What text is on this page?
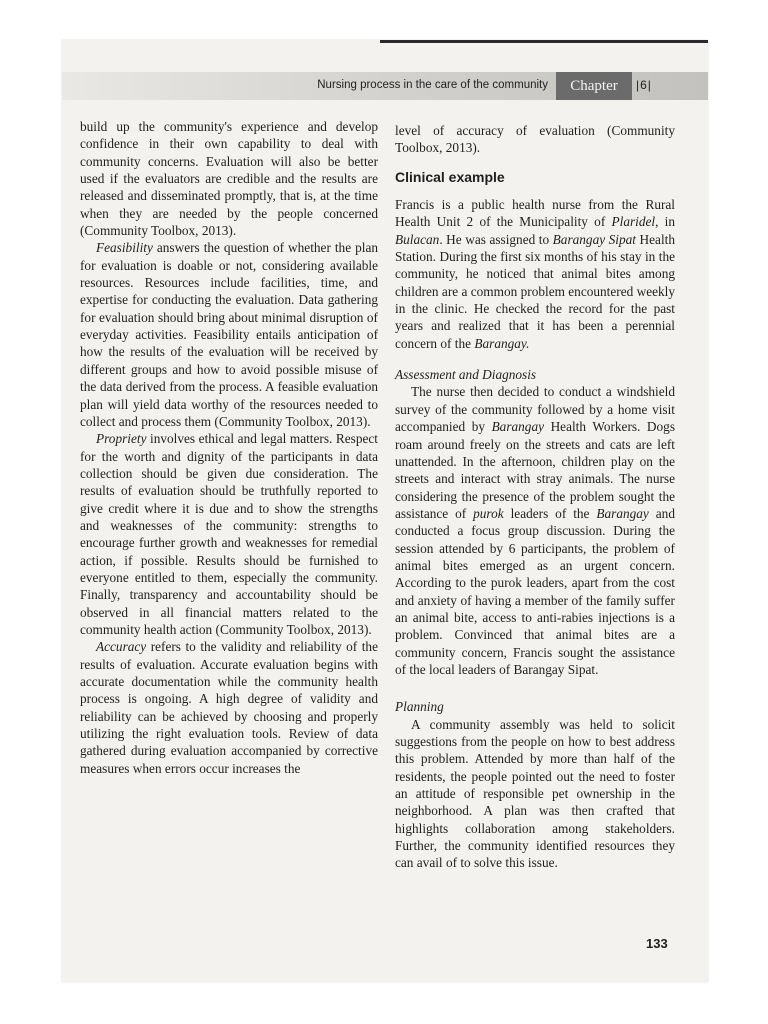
Nursing process in the care of the community	Chapter	|6|

build up the community's experience and develop confidence in their own capability to deal with community concerns. Evaluation will also be better used if the evaluators are credible and the results are released and disseminated promptly, that is, at the time when they are needed by the people concerned (Community Toolbox, 2013).

Feasibility answers the question of whether the plan for evaluation is doable or not, considering available resources. Resources include facilities, time, and expertise for conducting the evaluation. Data gathering for evaluation should bring about minimal disruption of everyday activities. Feasibility entails anticipation of how the results of the evaluation will be received by different groups and how to avoid possible misuse of the data derived from the process. A feasible evaluation plan will yield data worthy of the resources needed to collect and process them (Community Toolbox, 2013).

Propriety involves ethical and legal matters. Respect for the worth and dignity of the participants in data collection should be given due consideration. The results of evaluation should be truthfully reported to give credit where it is due and to show the strengths and weaknesses of the community: strengths to encourage further growth and weaknesses for remedial action, if possible. Results should be furnished to everyone entitled to them, especially the community. Finally, transparency and accountability should be observed in all financial matters related to the community health action (Community Toolbox, 2013).

Accuracy refers to the validity and reliability of the results of evaluation. Accurate evaluation begins with accurate documentation while the community health process is ongoing. A high degree of validity and reliability can be achieved by choosing and properly utilizing the right evaluation tools. Review of data gathered during evaluation accompanied by corrective measures when errors occur increases the

level of accuracy of evaluation (Community Toolbox, 2013).

Clinical example

Francis is a public health nurse from the Rural Health Unit 2 of the Municipality of Plaridel, in Bulacan. He was assigned to Barangay Sipat Health Station. During the first six months of his stay in the community, he noticed that animal bites among children are a common problem encountered weekly in the clinic. He checked the record for the past years and realized that it has been a perennial concern of the Barangay.

Assessment and Diagnosis

The nurse then decided to conduct a windshield survey of the community followed by a home visit accompanied by Barangay Health Workers. Dogs roam around freely on the streets and cats are left unattended. In the afternoon, children play on the streets and interact with stray animals. The nurse considering the presence of the problem sought the assistance of purok leaders of the Barangay and conducted a focus group discussion. During the session attended by 6 participants, the problem of animal bites emerged as an urgent concern. According to the purok leaders, apart from the cost and anxiety of having a member of the family suffer an animal bite, access to anti-rabies injections is a problem. Convinced that animal bites are a community concern, Francis sought the assistance of the local leaders of Barangay Sipat.

Planning

A community assembly was held to solicit suggestions from the people on how to best address this problem. Attended by more than half of the residents, the people pointed out the need to foster an attitude of responsible pet ownership in the neighborhood. A plan was then crafted that highlights collaboration among stakeholders. Further, the community identified resources they can avail of to solve this issue.

133
